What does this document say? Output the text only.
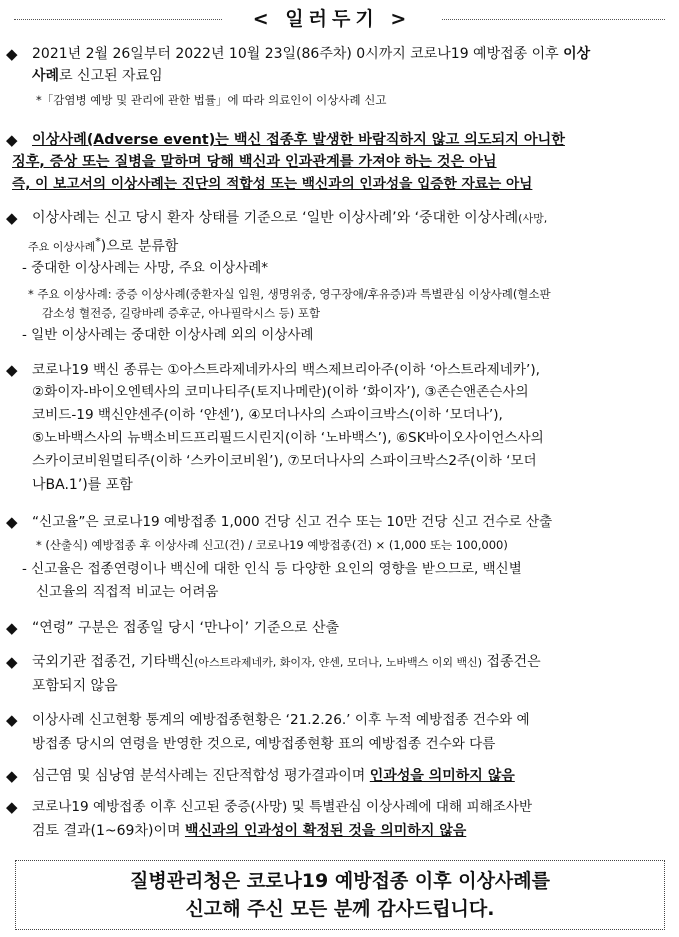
< 일러두기 >
◆ 2021년 2월 26일부터 2022년 10월 23일(86주차) 0시까지 코로나19 예방접종 이후 이상
사례로 신고된 자료임
*「감염병 예방 및 관리에 관한 법률」에 따라 의료인이 이상사례 신고
◆ 이상사례(Adverse event)는 백신 접종후 발생한 바람직하지 않고 의도되지 아니한
징후, 증상 또는 질병을 말하며 당해 백신과 인과관계를 가져야 하는 것은 아님
즉, 이 보고서의 이상사례는 진단의 적합성 또는 백신과의 인과성을 입증한 자료는 아님
◆ 이상사례는 신고 당시 환자 상태를 기준으로 ‘일반 이상사례’와 ‘중대한 이상사례(사망,
주요 이상사례*)으로 분류함
- 중대한 이상사례는 사망, 주요 이상사례*
* 주요 이상사례: 중증 이상사례(중환자실 입원, 생명위중, 영구장애/후유증)과 특별관심 이상사례(혈소판
감소성 혈전증, 길랑바레 증후군, 아나필락시스 등) 포함
- 일반 이상사례는 중대한 이상사례 외의 이상사례
◆ 코로나19 백신 종류는 ①아스트라제네카사의 백스제브리아주(이하 ‘아스트라제네카’),
②화이자-바이오엔텍사의 코미나티주(토지나메란)(이하 ‘화이자’), ③존슨앤존슨사의
코비드-19 백신얀센주(이하 ‘얀센’), ④모더나사의 스파이크박스(이하 ‘모더나’),
⑤노바백스사의 뉴백소비드프리필드시린지(이하 ‘노바백스’), ⑥SK바이오사이언스사의
스카이코비원멀티주(이하 ‘스카이코비원’), ⑦모더나사의 스파이크박스2주(이하 ‘모더
나BA.1’)를 포함
◆ “신고율”은 코로나19 예방접종 1,000 건당 신고 건수 또는 10만 건당 신고 건수로 산출
* (산출식) 예방접종 후 이상사례 신고(건) / 코로나19 예방접종(건) × (1,000 또는 100,000)
- 신고율은 접종연령이나 백신에 대한 인식 등 다양한 요인의 영향을 받으므로, 백신별
신고율의 직접적 비교는 어려움
◆ “연령” 구분은 접종일 당시 ‘만나이’ 기준으로 산출
◆ 국외기관 접종건, 기타백신(아스트라제네카, 화이자, 얀센, 모더나, 노바백스 이외 백신) 접종건은
포함되지 않음
◆ 이상사례 신고현황 통계의 예방접종현황은 ‘21.2.26.’ 이후 누적 예방접종 건수와 예
방접종 당시의 연령을 반영한 것으로, 예방접종현황 표의 예방접종 건수와 다름
◆ 심근염 및 심낭염 분석사례는 진단적합성 평가결과이며 인과성을 의미하지 않음
◆ 코로나19 예방접종 이후 신고된 중증(사망) 및 특별관심 이상사례에 대해 피해조사반
검토 결과(1~69차)이며 백신과의 인과성이 확정된 것을 의미하지 않음
질병관리청은 코로나19 예방접종 이후 이상사례를
신고해 주신 모든 분께 감사드립니다.
